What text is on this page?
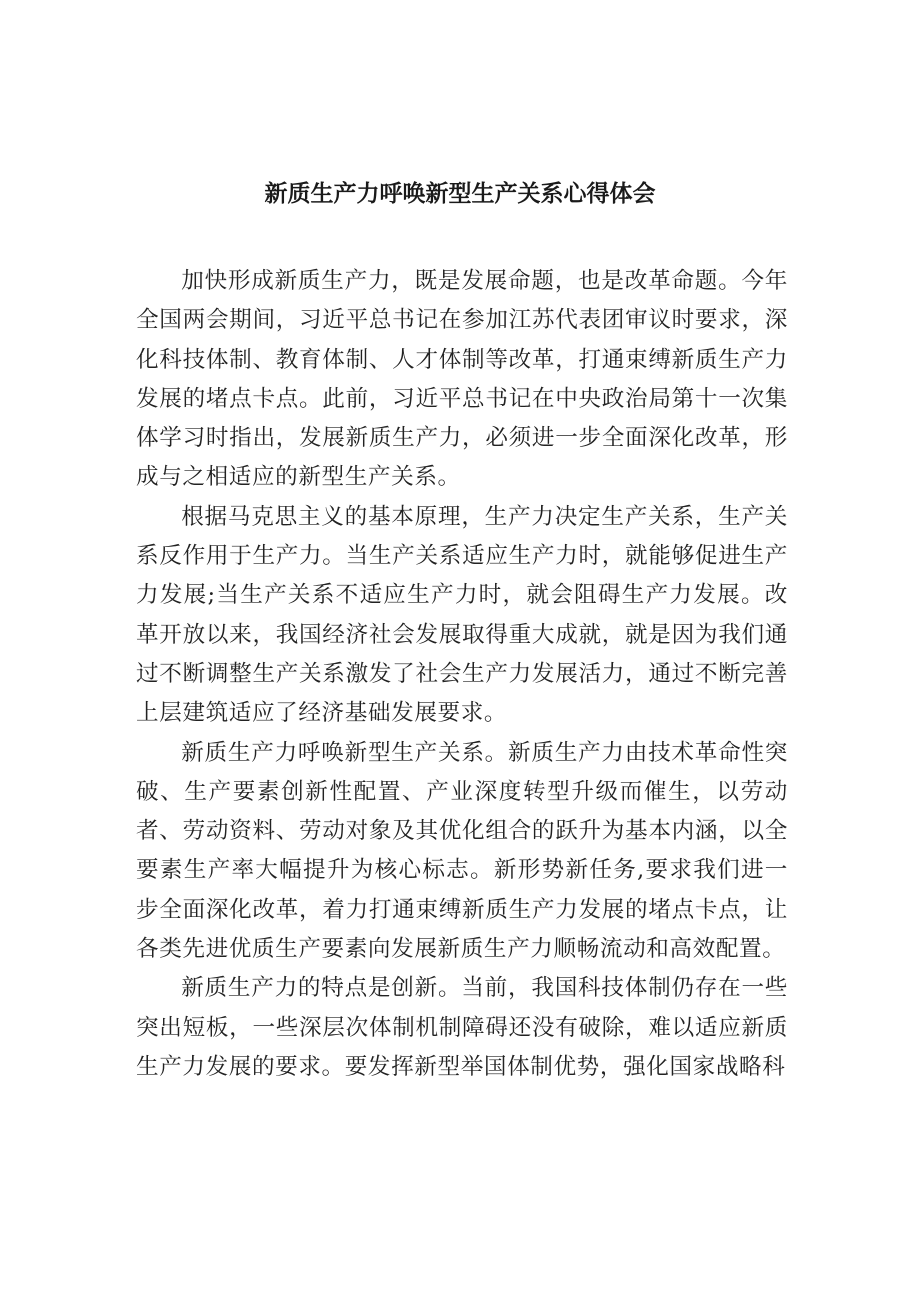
新质生产力呼唤新型生产关系心得体会

加快形成新质生产力，既是发展命题，也是改革命题。今年全国两会期间，习近平总书记在参加江苏代表团审议时要求，深化科技体制、教育体制、人才体制等改革，打通束缚新质生产力发展的堵点卡点。此前，习近平总书记在中央政治局第十一次集体学习时指出，发展新质生产力，必须进一步全面深化改革，形成与之相适应的新型生产关系。

根据马克思主义的基本原理，生产力决定生产关系，生产关系反作用于生产力。当生产关系适应生产力时，就能够促进生产力发展;当生产关系不适应生产力时，就会阻碍生产力发展。改革开放以来，我国经济社会发展取得重大成就，就是因为我们通过不断调整生产关系激发了社会生产力发展活力，通过不断完善上层建筑适应了经济基础发展要求。

新质生产力呼唤新型生产关系。新质生产力由技术革命性突破、生产要素创新性配置、产业深度转型升级而催生，以劳动者、劳动资料、劳动对象及其优化组合的跃升为基本内涵，以全要素生产率大幅提升为核心标志。新形势新任务,要求我们进一步全面深化改革，着力打通束缚新质生产力发展的堵点卡点，让各类先进优质生产要素向发展新质生产力顺畅流动和高效配置。

新质生产力的特点是创新。当前，我国科技体制仍存在一些突出短板，一些深层次体制机制障碍还没有破除，难以适应新质生产力发展的要求。要发挥新型举国体制优势，强化国家战略科
